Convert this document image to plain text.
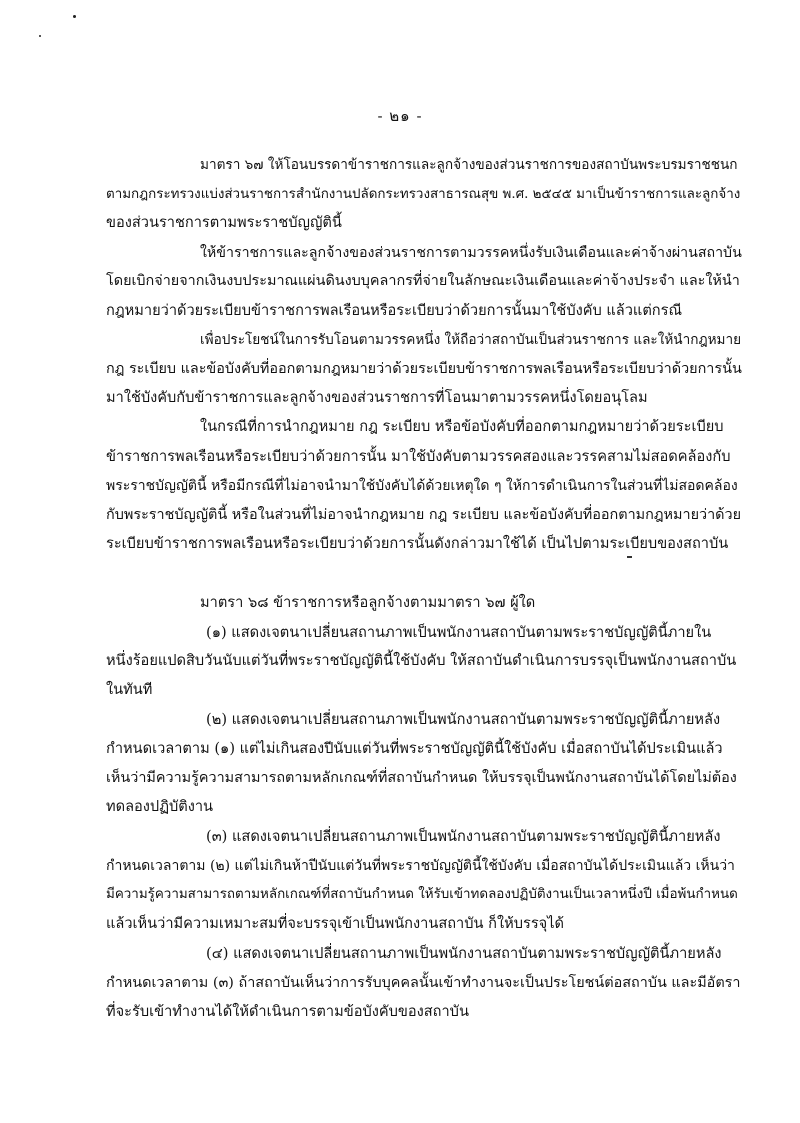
- ๒๑ -
มาตรา ๖๗ ให้โอนบรรดาข้าราชการและลูกจ้างของส่วนราชการของสถาบันพระบรมราชชนก
ตามกฎกระทรวงแบ่งส่วนราชการสำนักงานปลัดกระทรวงสาธารณสุข พ.ศ. ๒๕๔๕ มาเป็นข้าราชการและลูกจ้าง
ของส่วนราชการตามพระราชบัญญัตินี้
ให้ข้าราชการและลูกจ้างของส่วนราชการตามวรรคหนึ่งรับเงินเดือนและค่าจ้างผ่านสถาบัน
โดยเบิกจ่ายจากเงินงบประมาณแผ่นดินงบบุคลากรที่จ่ายในลักษณะเงินเดือนและค่าจ้างประจำ และให้นำ
กฎหมายว่าด้วยระเบียบข้าราชการพลเรือนหรือระเบียบว่าด้วยการนั้นมาใช้บังคับ แล้วแต่กรณี
เพื่อประโยชน์ในการรับโอนตามวรรคหนึ่ง ให้ถือว่าสถาบันเป็นส่วนราชการ และให้นำกฎหมาย
กฎ ระเบียบ และข้อบังคับที่ออกตามกฎหมายว่าด้วยระเบียบข้าราชการพลเรือนหรือระเบียบว่าด้วยการนั้น
มาใช้บังคับกับข้าราชการและลูกจ้างของส่วนราชการที่โอนมาตามวรรคหนึ่งโดยอนุโลม
ในกรณีที่การนำกฎหมาย กฎ ระเบียบ หรือข้อบังคับที่ออกตามกฎหมายว่าด้วยระเบียบ
ข้าราชการพลเรือนหรือระเบียบว่าด้วยการนั้น มาใช้บังคับตามวรรคสองและวรรคสามไม่สอดคล้องกับ
พระราชบัญญัตินี้ หรือมีกรณีที่ไม่อาจนำมาใช้บังคับได้ด้วยเหตุใด ๆ ให้การดำเนินการในส่วนที่ไม่สอดคล้อง
กับพระราชบัญญัตินี้ หรือในส่วนที่ไม่อาจนำกฎหมาย กฎ ระเบียบ และข้อบังคับที่ออกตามกฎหมายว่าด้วย
ระเบียบข้าราชการพลเรือนหรือระเบียบว่าด้วยการนั้นดังกล่าวมาใช้ได้ เป็นไปตามระเบียบของสถาบัน
มาตรา ๖๘ ข้าราชการหรือลูกจ้างตามมาตรา ๖๗ ผู้ใด
(๑) แสดงเจตนาเปลี่ยนสถานภาพเป็นพนักงานสถาบันตามพระราชบัญญัตินี้ภายใน
หนึ่งร้อยแปดสิบวันนับแต่วันที่พระราชบัญญัตินี้ใช้บังคับ ให้สถาบันดำเนินการบรรจุเป็นพนักงานสถาบัน
ในทันที
(๒) แสดงเจตนาเปลี่ยนสถานภาพเป็นพนักงานสถาบันตามพระราชบัญญัตินี้ภายหลัง
กำหนดเวลาตาม (๑) แต่ไม่เกินสองปีนับแต่วันที่พระราชบัญญัตินี้ใช้บังคับ เมื่อสถาบันได้ประเมินแล้ว
เห็นว่ามีความรู้ความสามารถตามหลักเกณฑ์ที่สถาบันกำหนด ให้บรรจุเป็นพนักงานสถาบันได้โดยไม่ต้อง
ทดลองปฏิบัติงาน
(๓) แสดงเจตนาเปลี่ยนสถานภาพเป็นพนักงานสถาบันตามพระราชบัญญัตินี้ภายหลัง
กำหนดเวลาตาม (๒) แต่ไม่เกินห้าปีนับแต่วันที่พระราชบัญญัตินี้ใช้บังคับ เมื่อสถาบันได้ประเมินแล้ว เห็นว่า
มีความรู้ความสามารถตามหลักเกณฑ์ที่สถาบันกำหนด ให้รับเข้าทดลองปฏิบัติงานเป็นเวลาหนึ่งปี เมื่อพ้นกำหนด
แล้วเห็นว่ามีความเหมาะสมที่จะบรรจุเข้าเป็นพนักงานสถาบัน ก็ให้บรรจุได้
(๔) แสดงเจตนาเปลี่ยนสถานภาพเป็นพนักงานสถาบันตามพระราชบัญญัตินี้ภายหลัง
กำหนดเวลาตาม (๓) ถ้าสถาบันเห็นว่าการรับบุคคลนั้นเข้าทำงานจะเป็นประโยชน์ต่อสถาบัน และมีอัตรา
ที่จะรับเข้าทำงานได้ให้ดำเนินการตามข้อบังคับของสถาบัน
